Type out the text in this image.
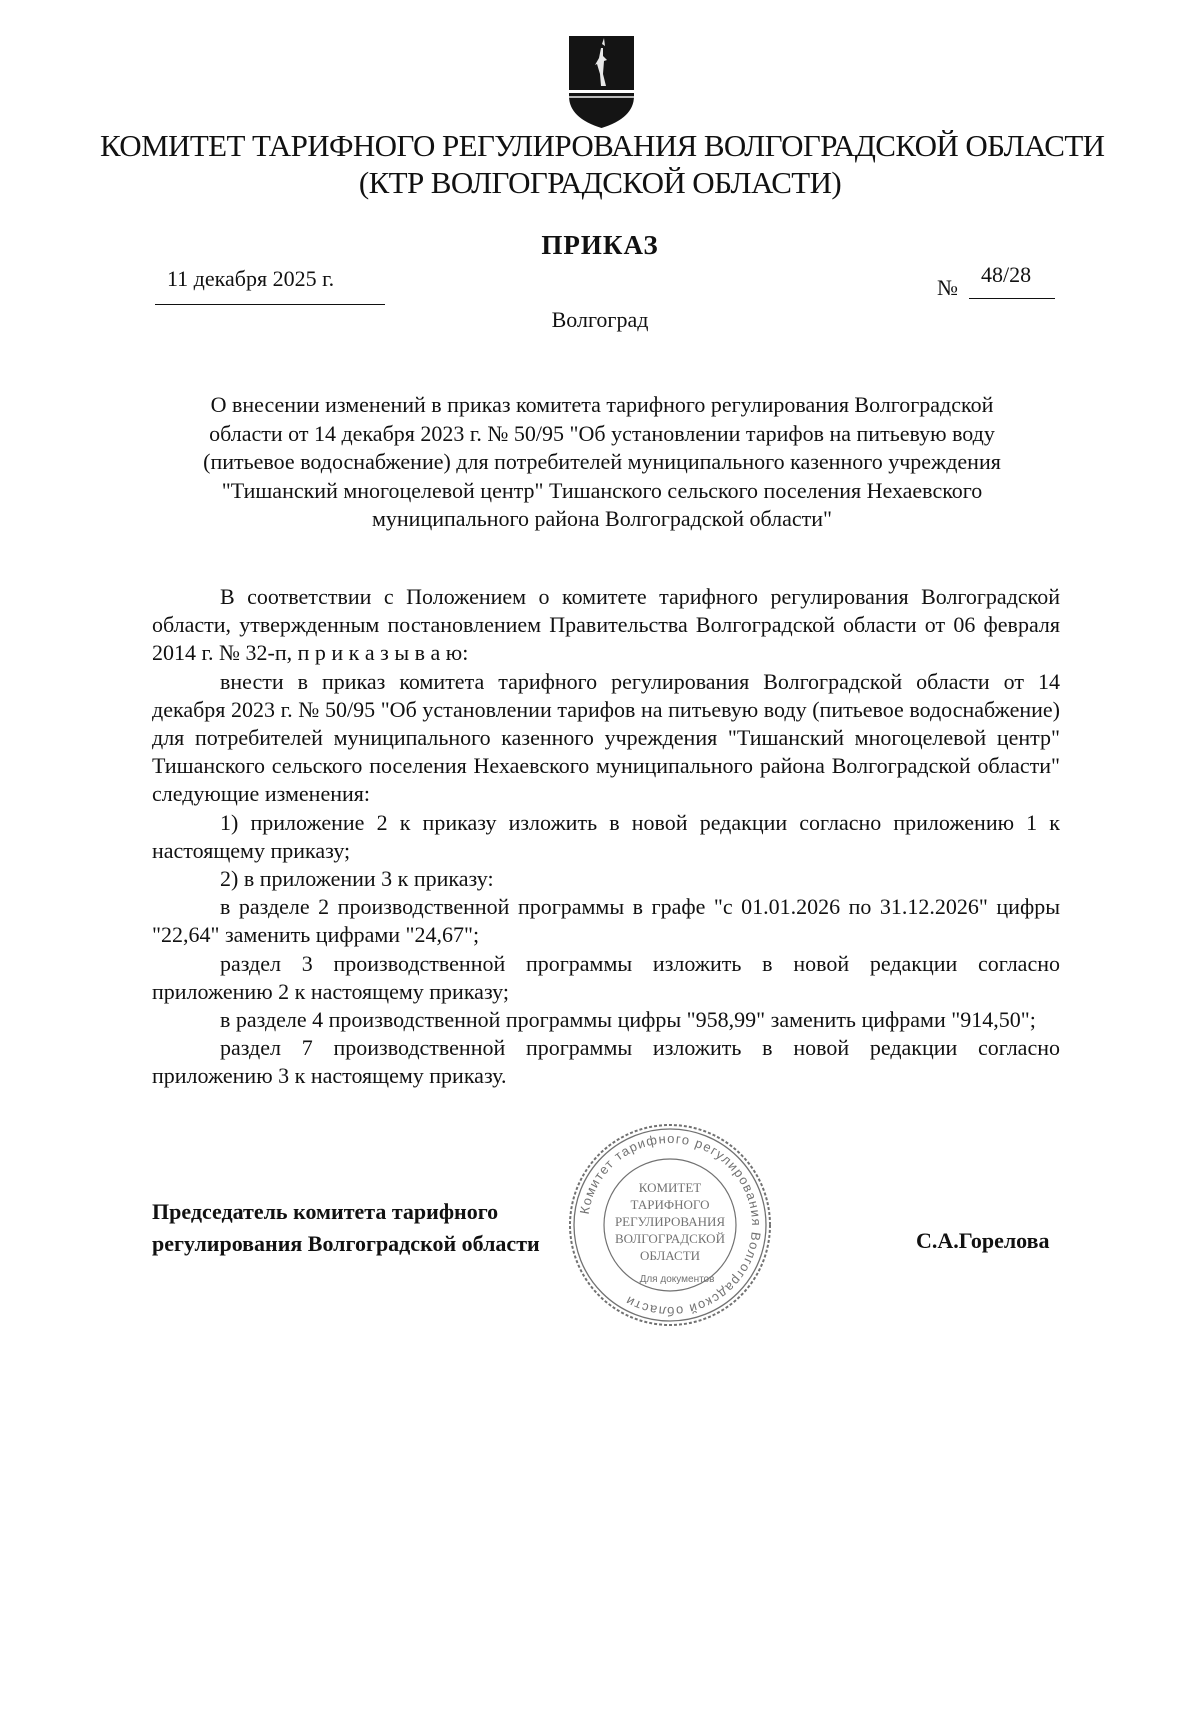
КОМИТЕТ ТАРИФНОГО РЕГУЛИРОВАНИЯ ВОЛГОГРАДСКОЙ ОБЛАСТИ
(КТР ВОЛГОГРАДСКОЙ ОБЛАСТИ)
ПРИКАЗ
11 декабря 2025 г.	№
48/28
Волгоград
О внесении изменений в приказ комитета тарифного регулирования Волгоградской
области от 14 декабря 2023 г. № 50/95 "Об установлении тарифов на питьевую воду
(питьевое водоснабжение) для потребителей муниципального казенного учреждения
"Тишанский многоцелевой центр" Тишанского сельского поселения Нехаевского
муниципального района Волгоградской области"

В соответствии с Положением о комитете тарифного регулирования Волгоградской области, утвержденным постановлением Правительства Волгоградской области от 06 февраля 2014 г. № 32-п, п р и к а з ы в а ю:

внести в приказ комитета тарифного регулирования Волгоградской области от 14 декабря 2023 г. № 50/95 "Об установлении тарифов на питьевую воду (питьевое водоснабжение) для потребителей муниципального казенного учреждения "Тишанский многоцелевой центр" Тишанского сельского поселения Нехаевского муниципального района Волгоградской области" следующие изменения:

1) приложение 2 к приказу изложить в новой редакции согласно приложению 1 к настоящему приказу;

2) в приложении 3 к приказу:

в разделе 2 производственной программы в графе "с 01.01.2026 по 31.12.2026" цифры "22,64" заменить цифрами "24,67";

раздел 3 производственной программы изложить в новой редакции согласно приложению 2 к настоящему приказу;

в разделе 4 производственной программы цифры "958,99" заменить цифрами "914,50";

раздел 7 производственной программы изложить в новой редакции согласно приложению 3 к настоящему приказу.

Председатель комитета тарифного
регулирования Волгоградской области
Комитет тарифного регулирования Волгоградской области
КОМИТЕТ
ТАРИФНОГО
РЕГУЛИРОВАНИЯ
ВОЛГОГРАДСКОЙ
ОБЛАСТИ
Для документов
С.А.Горелова
